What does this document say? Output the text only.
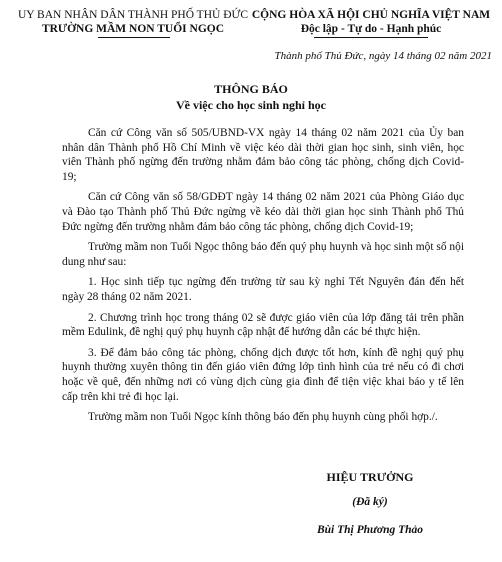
UY BAN NHÂN DÂN THÀNH PHỐ THỦ ĐỨC
TRƯỜNG MẦM NON TUỔI NGỌC
CỘNG HÒA XÃ HỘI CHỦ NGHĨA VIỆT NAM
Độc lập - Tự do - Hạnh phúc
Thành phố Thủ Đức, ngày 14 tháng 02 năm 2021
THÔNG BÁO
Về việc cho học sinh nghỉ học

Căn cứ Công văn số 505/UBND-VX ngày 14 tháng 02 năm 2021 của Ủy ban nhân dân Thành phố Hồ Chí Minh về việc kéo dài thời gian học sinh, sinh viên, học viên Thành phố ngừng đến trường nhằm đảm bảo công tác phòng, chống dịch Covid-19;

Căn cứ Công văn số 58/GDĐT ngày 14 tháng 02 năm 2021 của Phòng Giáo dục và Đào tạo Thành phố Thủ Đức ngừng về kéo dài thời gian học sinh Thành phố Thủ Đức ngừng đến trường nhằm đảm bảo công tác phòng, chống dịch Covid-19;

Trường mầm non Tuổi Ngọc thông báo đến quý phụ huynh và học sinh một số nội dung như sau:

1. Học sinh tiếp tục ngừng đến trường từ sau kỳ nghỉ Tết Nguyên đán đến hết ngày 28 tháng 02 năm 2021.

2. Chương trình học trong tháng 02 sẽ được giáo viên của lớp đăng tải trên phần mềm Edulink, đề nghị quý phụ huynh cập nhật để hướng dẫn các bé thực hiện.

3. Để đảm bảo công tác phòng, chống dịch được tốt hơn, kính đề nghị quý phụ huynh thường xuyên thông tin đến giáo viên đứng lớp tình hình của trẻ nếu có đi chơi hoặc về quê, đến những nơi có vùng dịch cùng gia đình để tiện việc khai báo y tế lên cấp trên khi trẻ đi học lại.

Trường mầm non Tuổi Ngọc kính thông báo đến phụ huynh cùng phối hợp./.

HIỆU TRƯỞNG
(Đã ký)
Bùi Thị Phương Thảo
